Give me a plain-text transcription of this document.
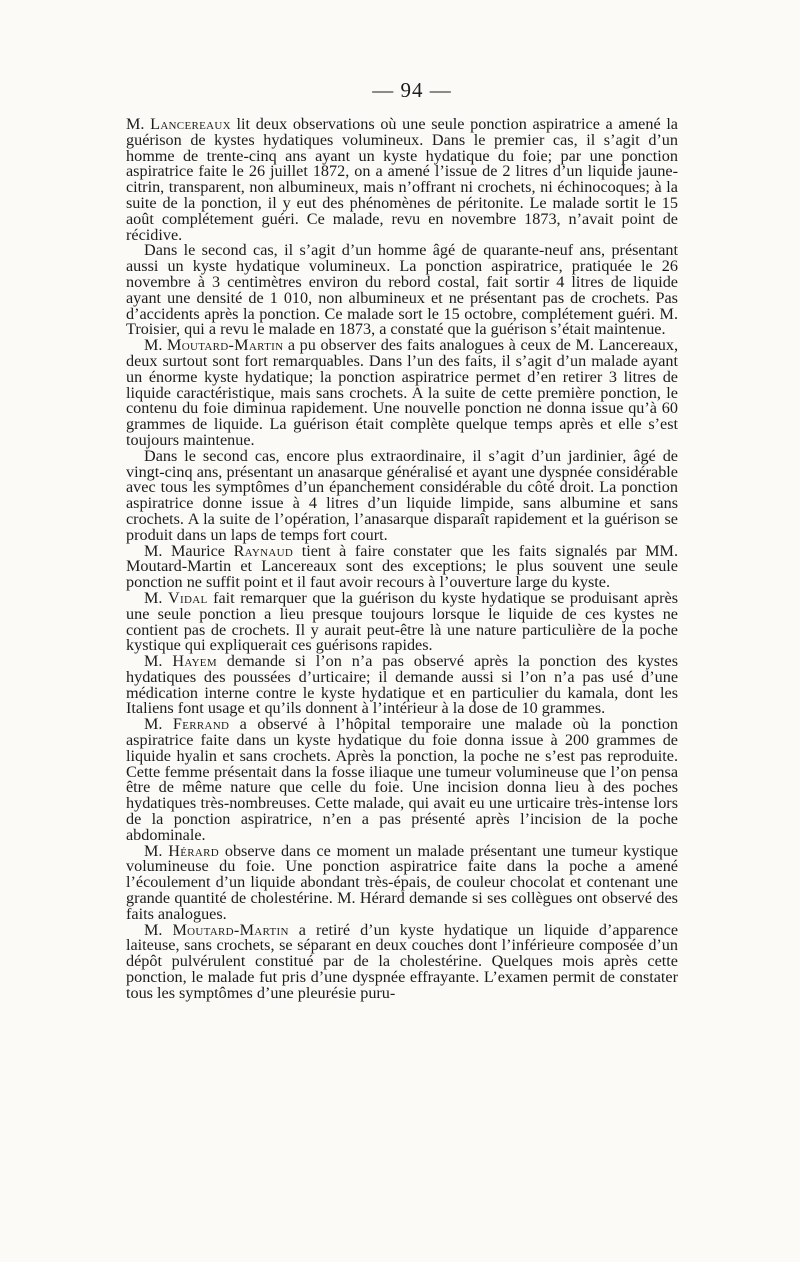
— 94 —

M. Lancereaux lit deux observations où une seule ponction aspiratrice a amené la guérison de kystes hydatiques volumineux. Dans le premier cas, il s’agit d’un homme de trente-cinq ans ayant un kyste hydatique du foie; par une ponction aspiratrice faite le 26 juillet 1872, on a amené l’issue de 2 litres d’un liquide jaune-citrin, transparent, non albumineux, mais n’offrant ni crochets, ni échinocoques; à la suite de la ponction, il y eut des phénomènes de péritonite. Le malade sortit le 15 août complétement guéri. Ce malade, revu en novembre 1873, n’avait point de récidive.

Dans le second cas, il s’agit d’un homme âgé de quarante-neuf ans, présentant aussi un kyste hydatique volumineux. La ponction aspiratrice, pratiquée le 26 novembre à 3 centimètres environ du rebord costal, fait sortir 4 litres de liquide ayant une densité de 1 010, non albumineux et ne présentant pas de crochets. Pas d’accidents après la ponction. Ce malade sort le 15 octobre, complétement guéri. M. Troisier, qui a revu le malade en 1873, a constaté que la guérison s’était maintenue.

M. Moutard-Martin a pu observer des faits analogues à ceux de M. Lancereaux, deux surtout sont fort remarquables. Dans l’un des faits, il s’agit d’un malade ayant un énorme kyste hydatique; la ponction aspiratrice permet d’en retirer 3 litres de liquide caractéristique, mais sans crochets. A la suite de cette première ponction, le contenu du foie diminua rapidement. Une nouvelle ponction ne donna issue qu’à 60 grammes de liquide. La guérison était complète quelque temps après et elle s’est toujours maintenue.

Dans le second cas, encore plus extraordinaire, il s’agit d’un jardinier, âgé de vingt-cinq ans, présentant un anasarque généralisé et ayant une dyspnée considérable avec tous les symptômes d’un épanchement considérable du côté droit. La ponction aspiratrice donne issue à 4 litres d’un liquide limpide, sans albumine et sans crochets. A la suite de l’opération, l’anasarque disparaît rapidement et la guérison se produit dans un laps de temps fort court.

M. Maurice Raynaud tient à faire constater que les faits signalés par MM. Moutard-Martin et Lancereaux sont des exceptions; le plus souvent une seule ponction ne suffit point et il faut avoir recours à l’ouverture large du kyste.

M. Vidal fait remarquer que la guérison du kyste hydatique se produisant après une seule ponction a lieu presque toujours lorsque le liquide de ces kystes ne contient pas de crochets. Il y aurait peut-être là une nature particulière de la poche kystique qui expliquerait ces guérisons rapides.

M. Hayem demande si l’on n’a pas observé après la ponction des kystes hydatiques des poussées d’urticaire; il demande aussi si l’on n’a pas usé d’une médication interne contre le kyste hydatique et en particulier du kamala, dont les Italiens font usage et qu’ils donnent à l’intérieur à la dose de 10 grammes.

M. Ferrand a observé à l’hôpital temporaire une malade où la ponction aspiratrice faite dans un kyste hydatique du foie donna issue à 200 grammes de liquide hyalin et sans crochets. Après la ponction, la poche ne s’est pas reproduite. Cette femme présentait dans la fosse iliaque une tumeur volumineuse que l’on pensa être de même nature que celle du foie. Une incision donna lieu à des poches hydatiques très-nombreuses. Cette malade, qui avait eu une urticaire très-intense lors de la ponction aspiratrice, n’en a pas présenté après l’incision de la poche abdominale.

M. Hérard observe dans ce moment un malade présentant une tumeur kystique volumineuse du foie. Une ponction aspiratrice faite dans la poche a amené l’écoulement d’un liquide abondant très-épais, de couleur chocolat et contenant une grande quantité de cholestérine. M. Hérard demande si ses collègues ont observé des faits analogues.

M. Moutard-Martin a retiré d’un kyste hydatique un liquide d’apparence laiteuse, sans crochets, se séparant en deux couches dont l’inférieure composée d’un dépôt pulvérulent constitué par de la cholestérine. Quelques mois après cette ponction, le malade fut pris d’une dyspnée effrayante. L’examen permit de constater tous les symptômes d’une pleurésie puru-
